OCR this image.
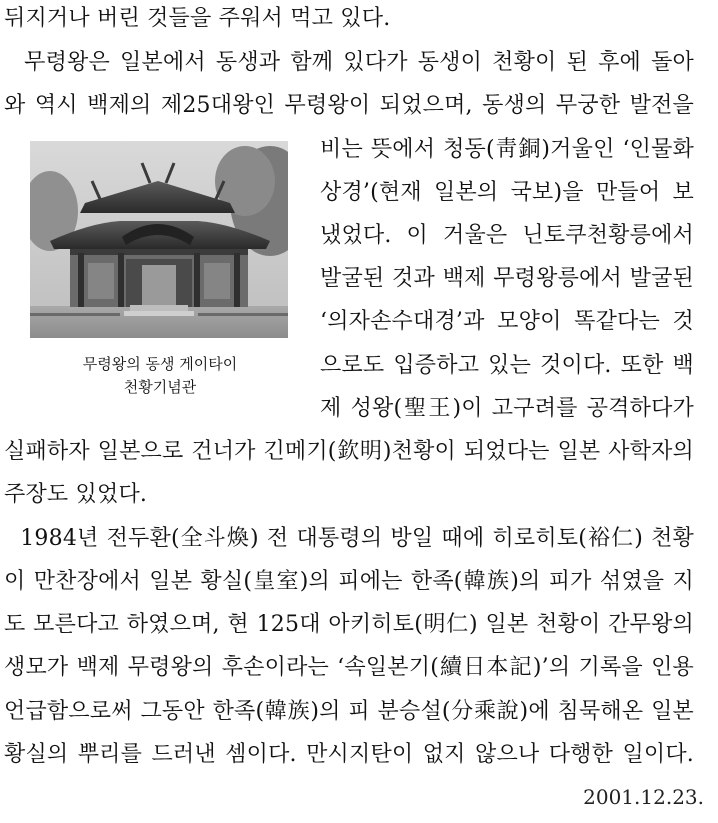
뒤지거나 버린 것들을 주워서 먹고 있다.
무령왕은 일본에서 동생과 함께 있다가 동생이 천황이 된 후에 돌아
와 역시 백제의 제25대왕인 무령왕이 되었으며, 동생의 무궁한 발전을
비는 뜻에서 청동(靑銅)거울인 ‘인물화
상경’(현재 일본의 국보)을 만들어 보
냈었다. 이 거울은 닌토쿠천황릉에서
발굴된 것과 백제 무령왕릉에서 발굴된
‘의자손수대경’과 모양이 똑같다는 것
으로도 입증하고 있는 것이다. 또한 백
제 성왕(聖王)이 고구려를 공격하다가
실패하자 일본으로 건너가 긴메기(欽明)천황이 되었다는 일본 사학자의
주장도 있었다.
1984년 전두환(全斗煥) 전 대통령의 방일 때에 히로히토(裕仁) 천황
이 만찬장에서 일본 황실(皇室)의 피에는 한족(韓族)의 피가 섞였을 지
도 모른다고 하였으며, 현 125대 아키히토(明仁) 일본 천황이 간무왕의
생모가 백제 무령왕의 후손이라는 ‘속일본기(續日本記)’의 기록을 인용
언급함으로써 그동안 한족(韓族)의 피 분승설(分乘說)에 침묵해온 일본
황실의 뿌리를 드러낸 셈이다. 만시지탄이 없지 않으나 다행한 일이다.
무령왕의 동생 게이타이
천황기념관
2001.12.23.
